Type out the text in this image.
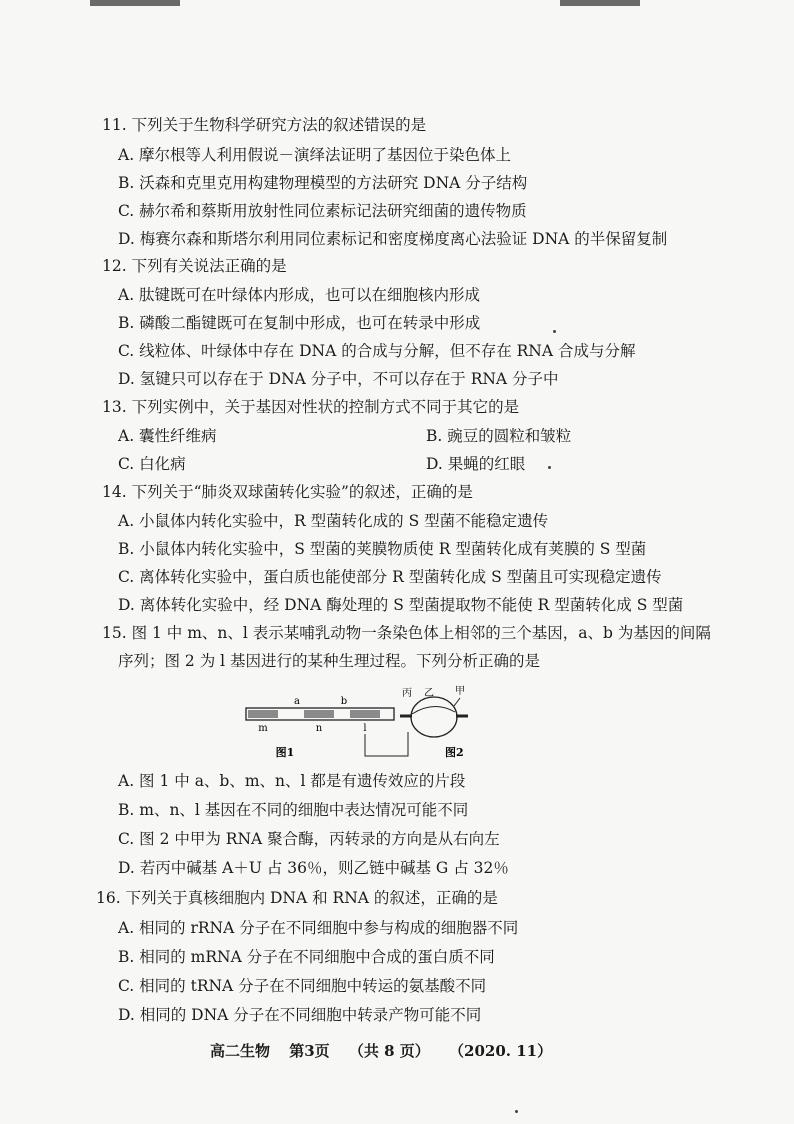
11. 下列关于生物科学研究方法的叙述错误的是
A. 摩尔根等人利用假说－演绎法证明了基因位于染色体上
B. 沃森和克里克用构建物理模型的方法研究 DNA 分子结构
C. 赫尔希和蔡斯用放射性同位素标记法研究细菌的遗传物质
D. 梅赛尔森和斯塔尔利用同位素标记和密度梯度离心法验证 DNA 的半保留复制
12. 下列有关说法正确的是
A. 肽键既可在叶绿体内形成，也可以在细胞核内形成
B. 磷酸二酯键既可在复制中形成，也可在转录中形成
C. 线粒体、叶绿体中存在 DNA 的合成与分解，但不存在 RNA 合成与分解
D. 氢键只可以存在于 DNA 分子中，不可以存在于 RNA 分子中
13. 下列实例中，关于基因对性状的控制方式不同于其它的是
A. 囊性纤维病	B. 豌豆的圆粒和皱粒
C. 白化病	D. 果蝇的红眼
14. 下列关于“肺炎双球菌转化实验”的叙述，正确的是
A. 小鼠体内转化实验中，R 型菌转化成的 S 型菌不能稳定遗传
B. 小鼠体内转化实验中，S 型菌的荚膜物质使 R 型菌转化成有荚膜的 S 型菌
C. 离体转化实验中，蛋白质也能使部分 R 型菌转化成 S 型菌且可实现稳定遗传
D. 离体转化实验中，经 DNA 酶处理的 S 型菌提取物不能使 R 型菌转化成 S 型菌
15. 图 1 中 m、n、l 表示某哺乳动物一条染色体上相邻的三个基因，a、b 为基因的间隔
序列；图 2 为 l 基因进行的某种生理过程。下列分析正确的是
a	b
m	n	l
图1
丙 乙 甲
图2
A. 图 1 中 a、b、m、n、l 都是有遗传效应的片段
B. m、n、l 基因在不同的细胞中表达情况可能不同
C. 图 2 中甲为 RNA 聚合酶，丙转录的方向是从右向左
D. 若丙中碱基 A＋U 占 36％，则乙链中碱基 G 占 32％
16. 下列关于真核细胞内 DNA 和 RNA 的叙述，正确的是
A. 相同的 rRNA 分子在不同细胞中参与构成的细胞器不同
B. 相同的 mRNA 分子在不同细胞中合成的蛋白质不同
C. 相同的 tRNA 分子在不同细胞中转运的氨基酸不同
D. 相同的 DNA 分子在不同细胞中转录产物可能不同
高二生物 第3页 （共 8 页） （2020. 11）
